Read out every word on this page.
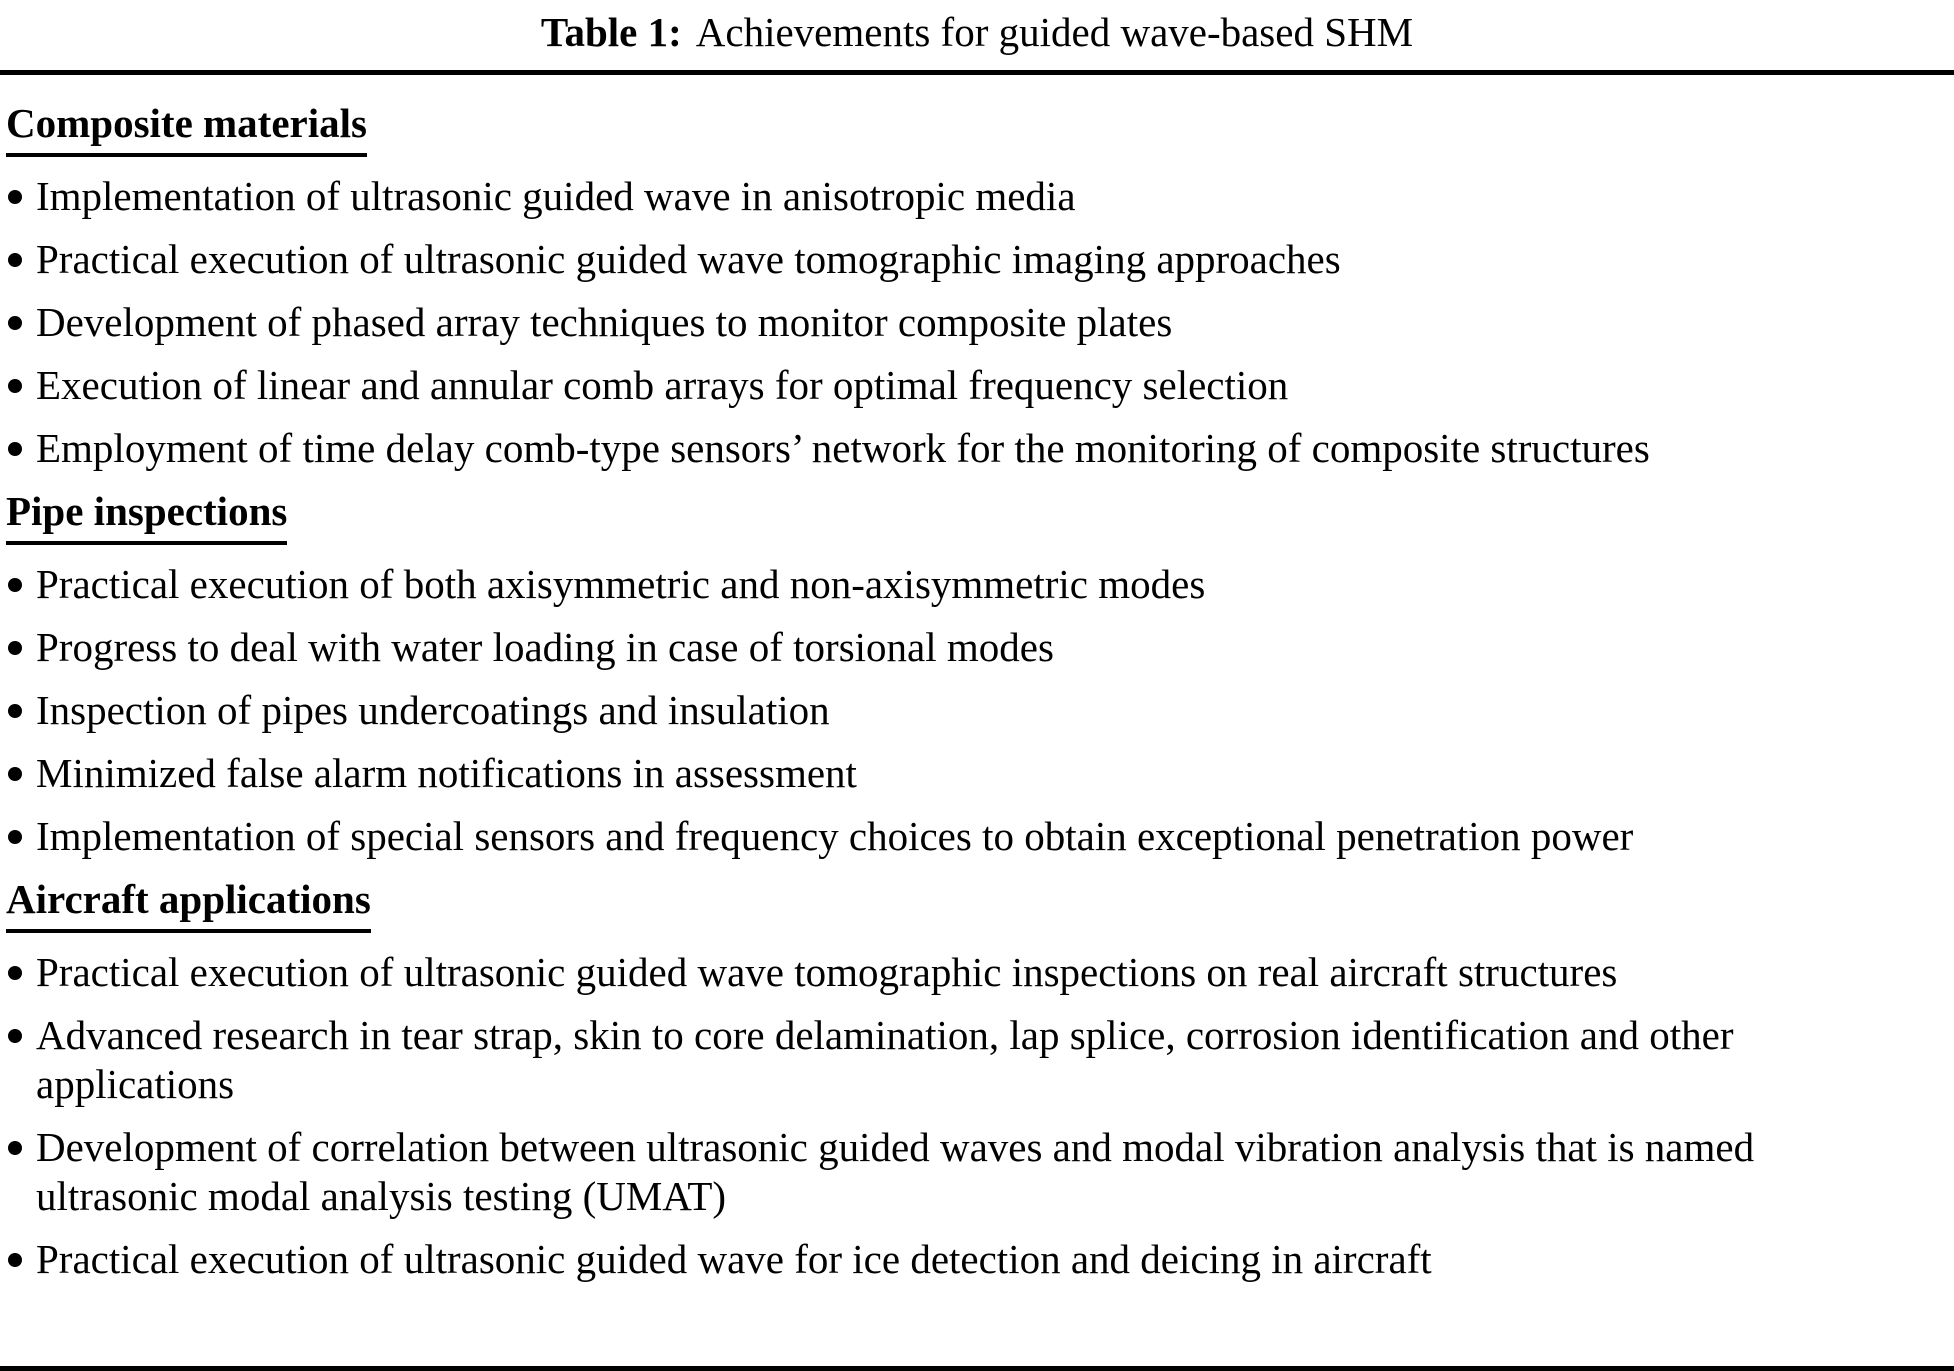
Table 1: Achievements for guided wave-based SHM
Composite materials
Implementation of ultrasonic guided wave in anisotropic media
Practical execution of ultrasonic guided wave tomographic imaging approaches
Development of phased array techniques to monitor composite plates
Execution of linear and annular comb arrays for optimal frequency selection
Employment of time delay comb-type sensors’ network for the monitoring of composite structures
Pipe inspections
Practical execution of both axisymmetric and non-axisymmetric modes
Progress to deal with water loading in case of torsional modes
Inspection of pipes undercoatings and insulation
Minimized false alarm notifications in assessment
Implementation of special sensors and frequency choices to obtain exceptional penetration power
Aircraft applications
Practical execution of ultrasonic guided wave tomographic inspections on real aircraft structures
Advanced research in tear strap, skin to core delamination, lap splice, corrosion identification and other applications
Development of correlation between ultrasonic guided waves and modal vibration analysis that is named ultrasonic modal analysis testing (UMAT)
Practical execution of ultrasonic guided wave for ice detection and deicing in aircraft
